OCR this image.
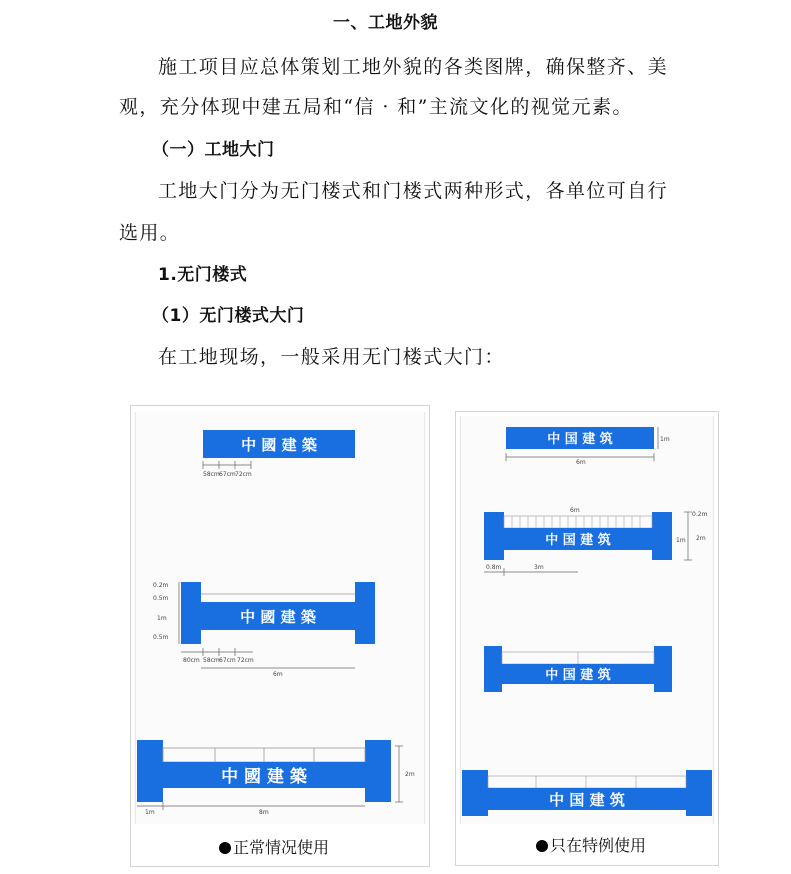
一、工地外貌
施工项目应总体策划工地外貌的各类图牌，确保整齐、美
观，充分体现中建五局和“信 · 和”主流文化的视觉元素。
（一）工地大门
工地大门分为无门楼式和门楼式两种形式，各单位可自行
选用。
1.无门楼式
（1）无门楼式大门
在工地现场，一般采用无门楼式大门：
中 國 建 築
58cm 67cm 72cm
中 國 建 築
0.2m
0.5m
1m
0.5m
80cm 58cm 67cm 72cm
6m
中 國 建 築	2m
1m	8m
正常情况使用
中 国 建 筑	1m
6m
6m
中 国 建 筑
0.2m
1m 2m
0.8m	3m
中 国 建 筑
中 国 建 筑
只在特例使用
